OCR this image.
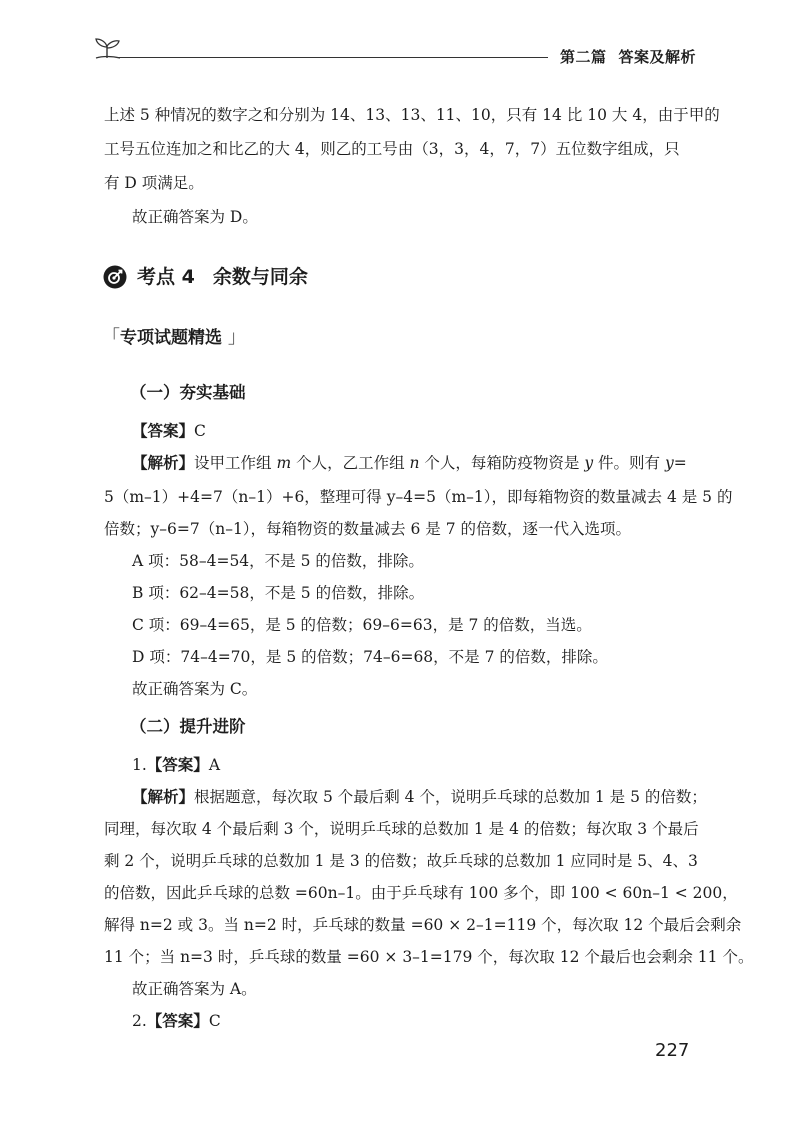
第二篇 答案及解析
上述 5 种情况的数字之和分别为 14、13、13、11、10，只有 14 比 10 大 4，由于甲的
工号五位连加之和比乙的大 4，则乙的工号由（3，3，4，7，7）五位数字组成，只
有 D 项满足。
故正确答案为 D。
考点 4 余数与同余
「专项试题精选 」
（一）夯实基础
【答案】C
【解析】设甲工作组 m 个人，乙工作组 n 个人，每箱防疫物资是 y 件。则有 y=
5（m–1）+4=7（n–1）+6，整理可得 y–4=5（m–1），即每箱物资的数量减去 4 是 5 的
倍数；y–6=7（n–1），每箱物资的数量减去 6 是 7 的倍数，逐一代入选项。
A 项：58–4=54，不是 5 的倍数，排除。
B 项：62–4=58，不是 5 的倍数，排除。
C 项：69–4=65，是 5 的倍数；69–6=63，是 7 的倍数，当选。
D 项：74–4=70，是 5 的倍数；74–6=68，不是 7 的倍数，排除。
故正确答案为 C。
（二）提升进阶
1.【答案】A
【解析】根据题意，每次取 5 个最后剩 4 个，说明乒乓球的总数加 1 是 5 的倍数；
同理，每次取 4 个最后剩 3 个，说明乒乓球的总数加 1 是 4 的倍数；每次取 3 个最后
剩 2 个，说明乒乓球的总数加 1 是 3 的倍数；故乒乓球的总数加 1 应同时是 5、4、3
的倍数，因此乒乓球的总数 =60n–1。由于乒乓球有 100 多个，即 100 < 60n–1 < 200，
解得 n=2 或 3。当 n=2 时，乒乓球的数量 =60 × 2–1=119 个，每次取 12 个最后会剩余
11 个；当 n=3 时，乒乓球的数量 =60 × 3–1=179 个，每次取 12 个最后也会剩余 11 个。
故正确答案为 A。
2.【答案】C
227
